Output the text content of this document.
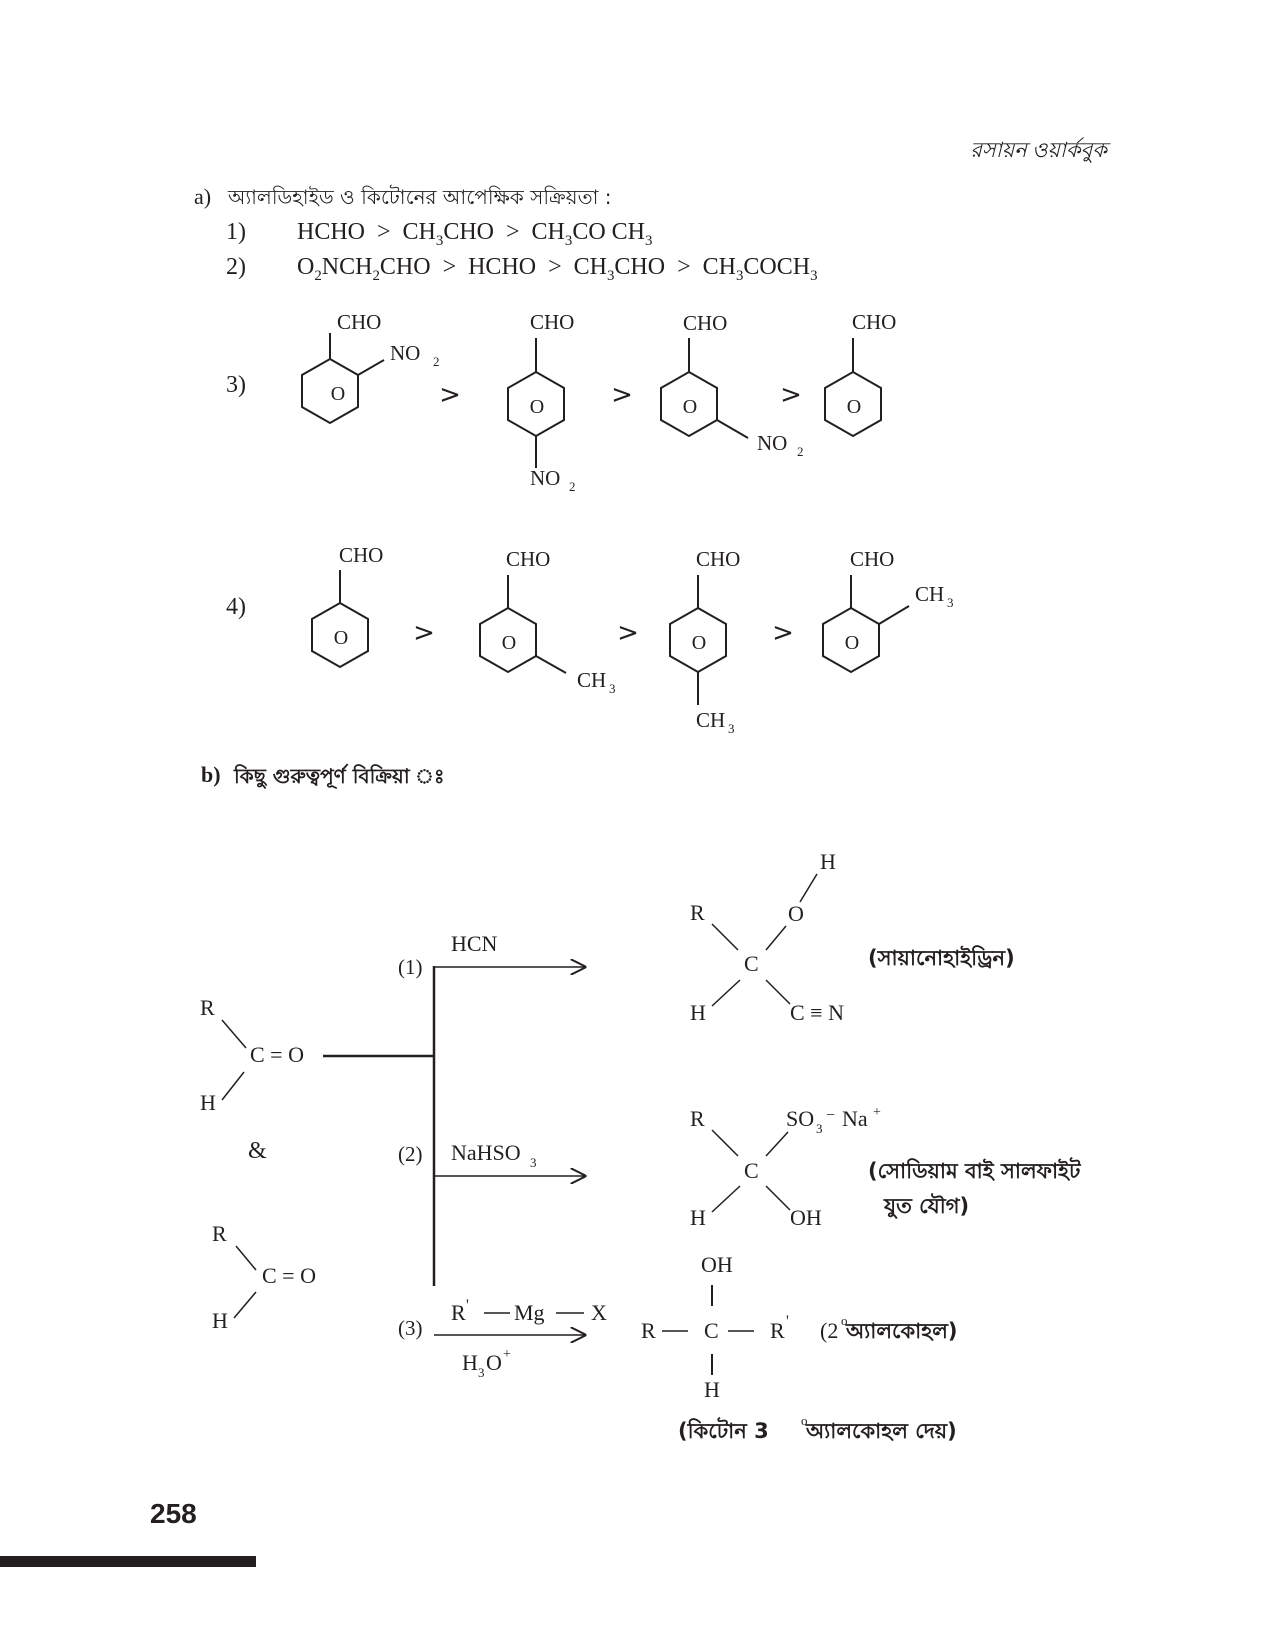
রসায়ন ওয়ার্কবুক
a) অ্যালডিহাইড ও কিটোনের আপেক্ষিক সক্রিয়তা :
1) HCHO  >  $CH_3CHO > CH_3CO$ $CH_3$
2) $O_2NCH_2CHO$  >  HCHO  >  $CH_3CHO$  >  $CH_3COCH_3$
3)
4)
O
CHO
NO 2
>	O
CHO
NO 2
> O
CHO
NO 2
> O
CHO
O
CHO
>	O
CHO
CH 3
>	O
CHO
CH 3
>	O
CHO
CH 3
b) কিছু গুরুত্বপূর্ণ বিক্রিয়া ঃ
R
C = O
H
&
R
C = O
H
(1)
HCN
(2) NaHSO 3
(3)
R ' Mg X
H 3 O +
H
O
R
C
H	C ≡ N
(সায়ানোহাইড্রিন)
R	SO 3
− Na +
C
H	OH
(সোডিয়াম বাই সালফাইট
যুত যৌগ)
OH
R C R '
H
(2 o
অ্যালকোহল)
(কিটোন 3 o
অ্যালকোহল দেয়)
258
